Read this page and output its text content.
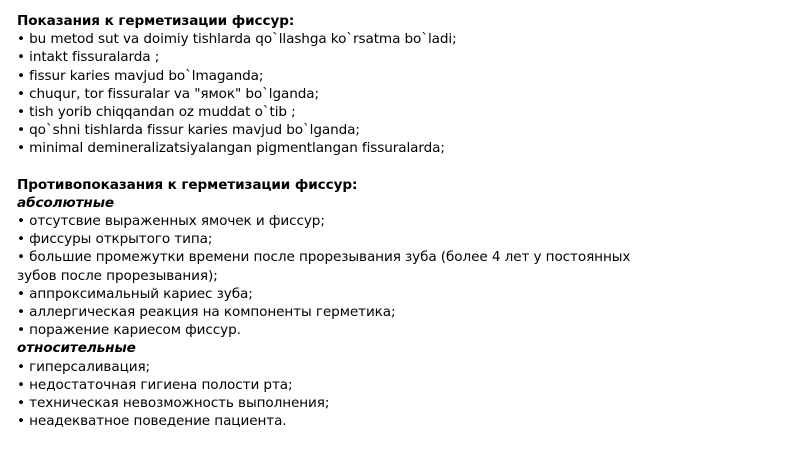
Показания к герметизации фиссур:
• bu metod sut va doimiy tishlarda qo`llashga ko`rsatma bo`ladi;
• intakt fissuralarda ;
• fissur karies mavjud bo`lmaganda;
• chuqur, tor fissuralar va "ямок" bo`lganda;
• tish yorib chiqqandan oz muddat o`tib ;
• qo`shni tishlarda fissur karies mavjud bo`lganda;
• minimal demineralizatsiyalangan pigmentlangan fissuralarda;
Противопоказания к герметизации фиссур:
абсолютные
• отсутсвие выраженных ямочек и фиссур;
• фиссуры открытого типа;
• большие промежутки времени после прорезывания зуба (более 4 лет у постоянных зубов после прорезывания);
• аппроксимальный кариес зуба;
• аллергическая реакция на компоненты герметика;
• поражение кариесом фиссур.
относительные
• гиперсаливация;
• недостаточная гигиена полости рта;
• техническая невозможность выполнения;
• неадекватное поведение пациента.
